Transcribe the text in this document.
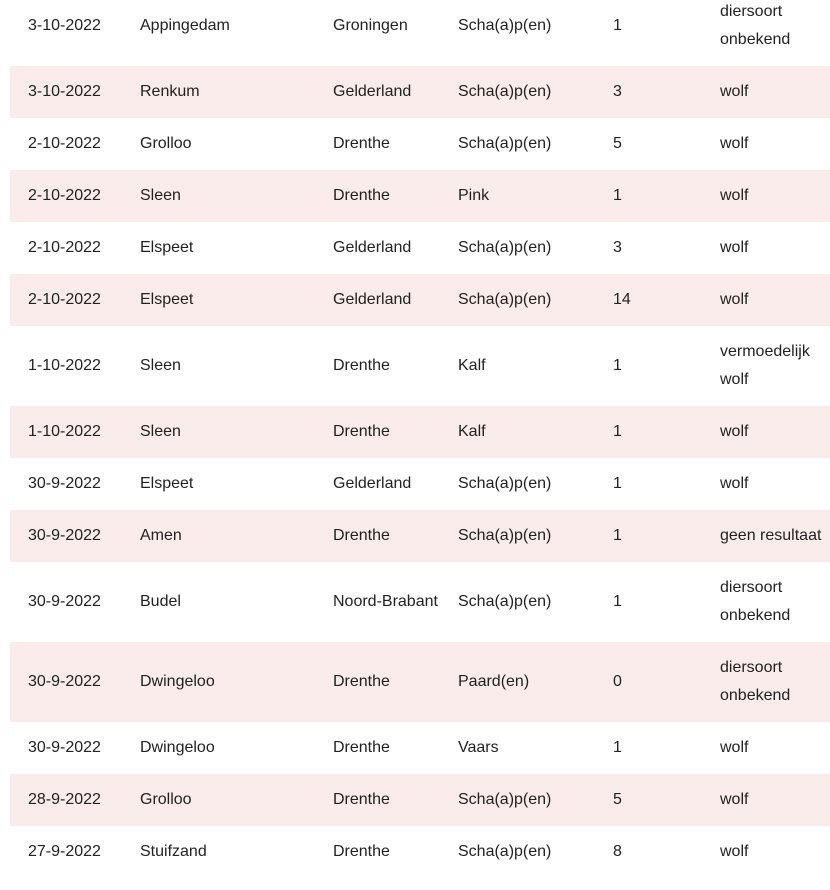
3-10-2022	Appingedam	Groningen	Scha(a)p(en)	1	diersoort onbekend
3-10-2022	Renkum	Gelderland	Scha(a)p(en)	3	wolf
2-10-2022	Grolloo	Drenthe	Scha(a)p(en)	5	wolf
2-10-2022	Sleen	Drenthe	Pink	1	wolf
2-10-2022	Elspeet	Gelderland	Scha(a)p(en)	3	wolf
2-10-2022	Elspeet	Gelderland	Scha(a)p(en)	14	wolf
1-10-2022	Sleen	Drenthe	Kalf	1	vermoedelijk wolf
1-10-2022	Sleen	Drenthe	Kalf	1	wolf
30-9-2022	Elspeet	Gelderland	Scha(a)p(en)	1	wolf
30-9-2022	Amen	Drenthe	Scha(a)p(en)	1	geen resultaat
30-9-2022	Budel	Noord-Brabant	Scha(a)p(en)	1	diersoort onbekend
30-9-2022	Dwingeloo	Drenthe	Paard(en)	0	diersoort onbekend
30-9-2022	Dwingeloo	Drenthe	Vaars	1	wolf
28-9-2022	Grolloo	Drenthe	Scha(a)p(en)	5	wolf
27-9-2022	Stuifzand	Drenthe	Scha(a)p(en)	8	wolf
